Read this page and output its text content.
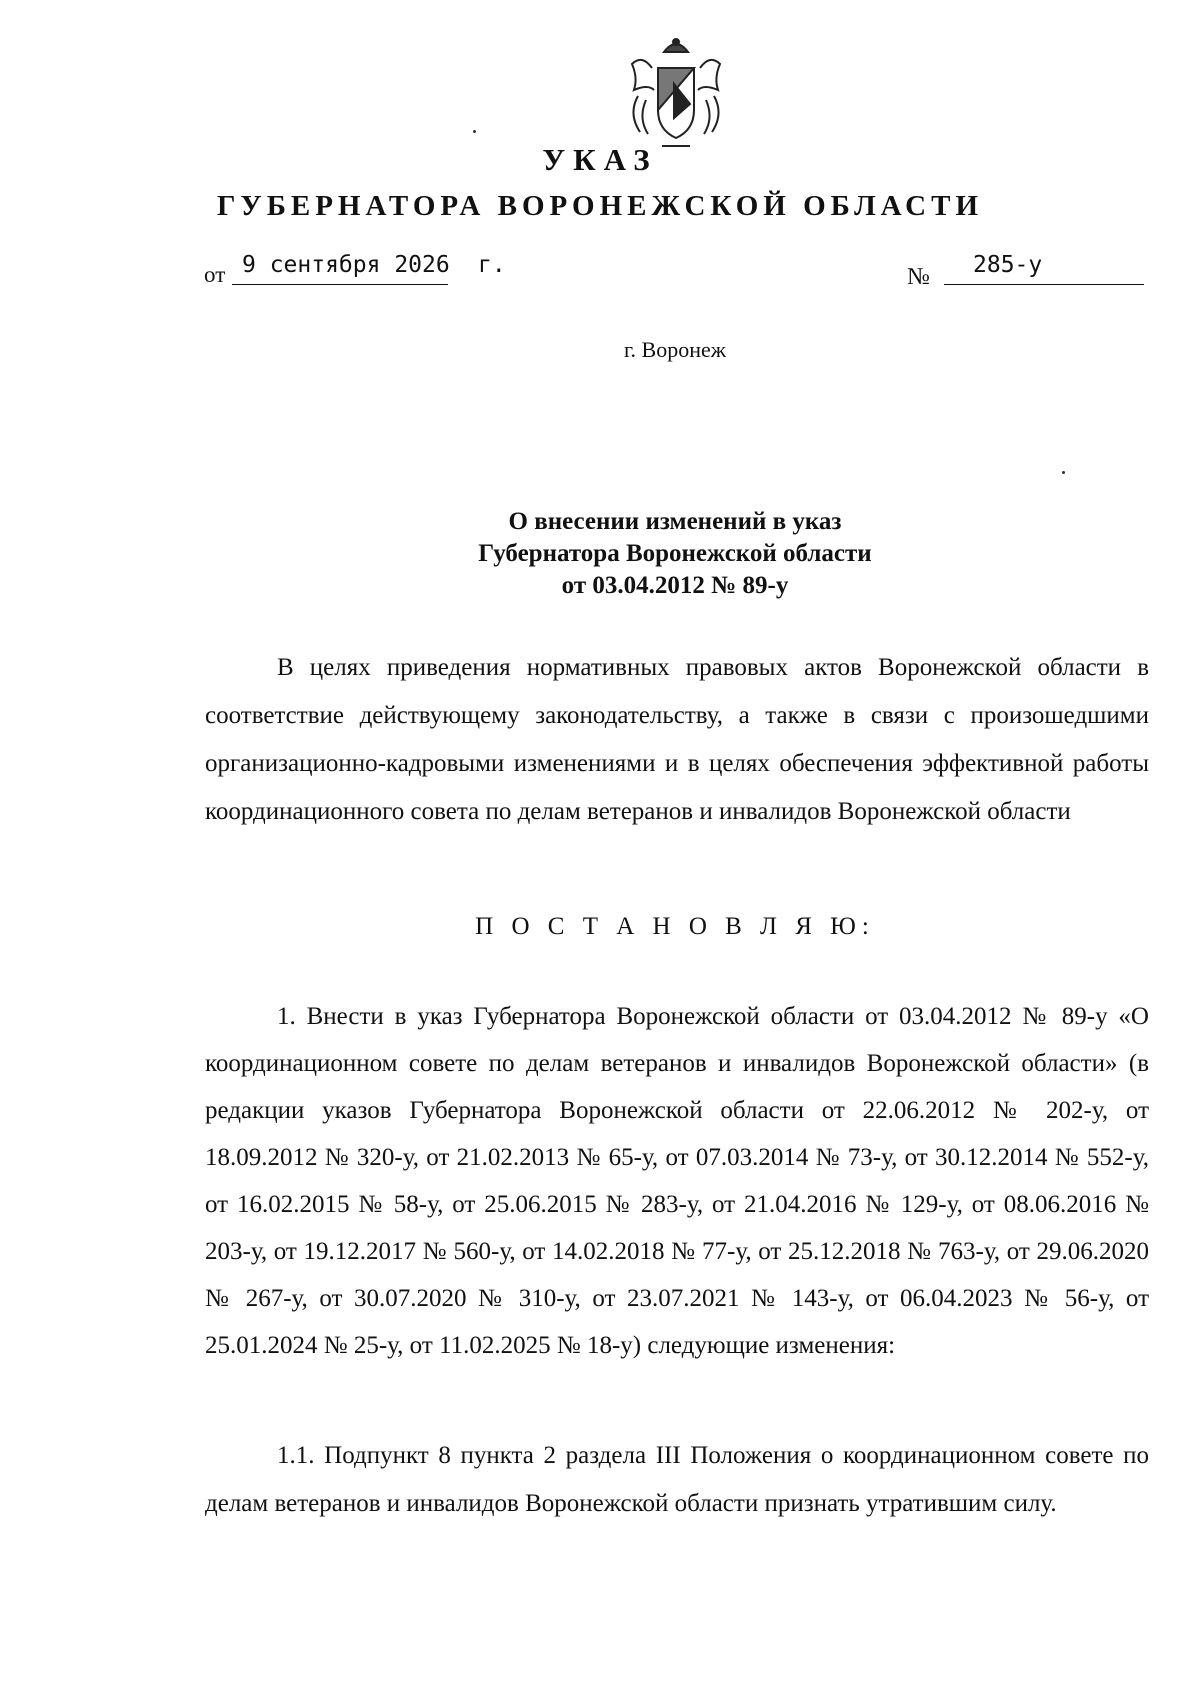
УКАЗ
ГУБЕРНАТОРА ВОРОНЕЖСКОЙ ОБЛАСТИ
от 9 сентября 2026 г.	№ 285-у
г. Воронеж
О внесении изменений в указ
Губернатора Воронежской области
от 03.04.2012 № 89-у

В целях приведения нормативных правовых актов Воронежской области в соответствие действующему законодательству, а также в связи с произошедшими организационно-кадровыми изменениями и в целях обеспечения эффективной работы координационного совета по делам ветеранов и инвалидов Воронежской области

П О С Т А Н О В Л Я Ю:

1. Внести в указ Губернатора Воронежской области от 03.04.2012 № 89-у «О координационном совете по делам ветеранов и инвалидов Воронежской области» (в редакции указов Губернатора Воронежской области от 22.06.2012 № 202-у, от 18.09.2012 № 320-у, от 21.02.2013 № 65-у, от 07.03.2014 № 73-у, от 30.12.2014 № 552-у, от 16.02.2015 № 58-у, от 25.06.2015 № 283-у, от 21.04.2016 № 129-у, от 08.06.2016 № 203-у, от 19.12.2017 № 560-у, от 14.02.2018 № 77-у, от 25.12.2018 № 763-у, от 29.06.2020 № 267-у, от 30.07.2020 № 310-у, от 23.07.2021 № 143-у, от 06.04.2023 № 56-у, от 25.01.2024 № 25-у, от 11.02.2025 № 18-у) следующие изменения:

1.1. Подпункт 8 пункта 2 раздела III Положения о координационном совете по делам ветеранов и инвалидов Воронежской области признать утратившим силу.
